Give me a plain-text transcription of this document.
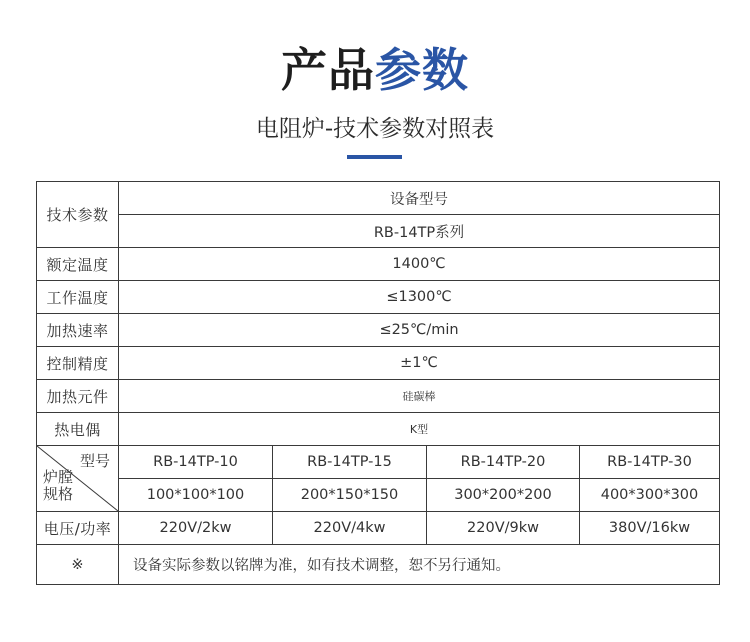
产品参数
电阻炉-技术参数对照表
技术参数	设备型号			
	RB-14TP系列			
额定温度	1400℃			
工作温度	≤1300℃			
加热速率	≤25℃/min			
控制精度	±1℃			
加热元件	硅碳棒			
热电偶	K型			

型号
炉膛
规格	RB-14TP-10	RB-14TP-15	RB-14TP-20	RB-14TP-30
	100*100*100	200*150*150	300*200*200	400*300*300
电压/功率	220V/2kw	220V/4kw	220V/9kw	380V/16kw
※	设备实际参数以铭牌为准，如有技术调整，恕不另行通知。			
